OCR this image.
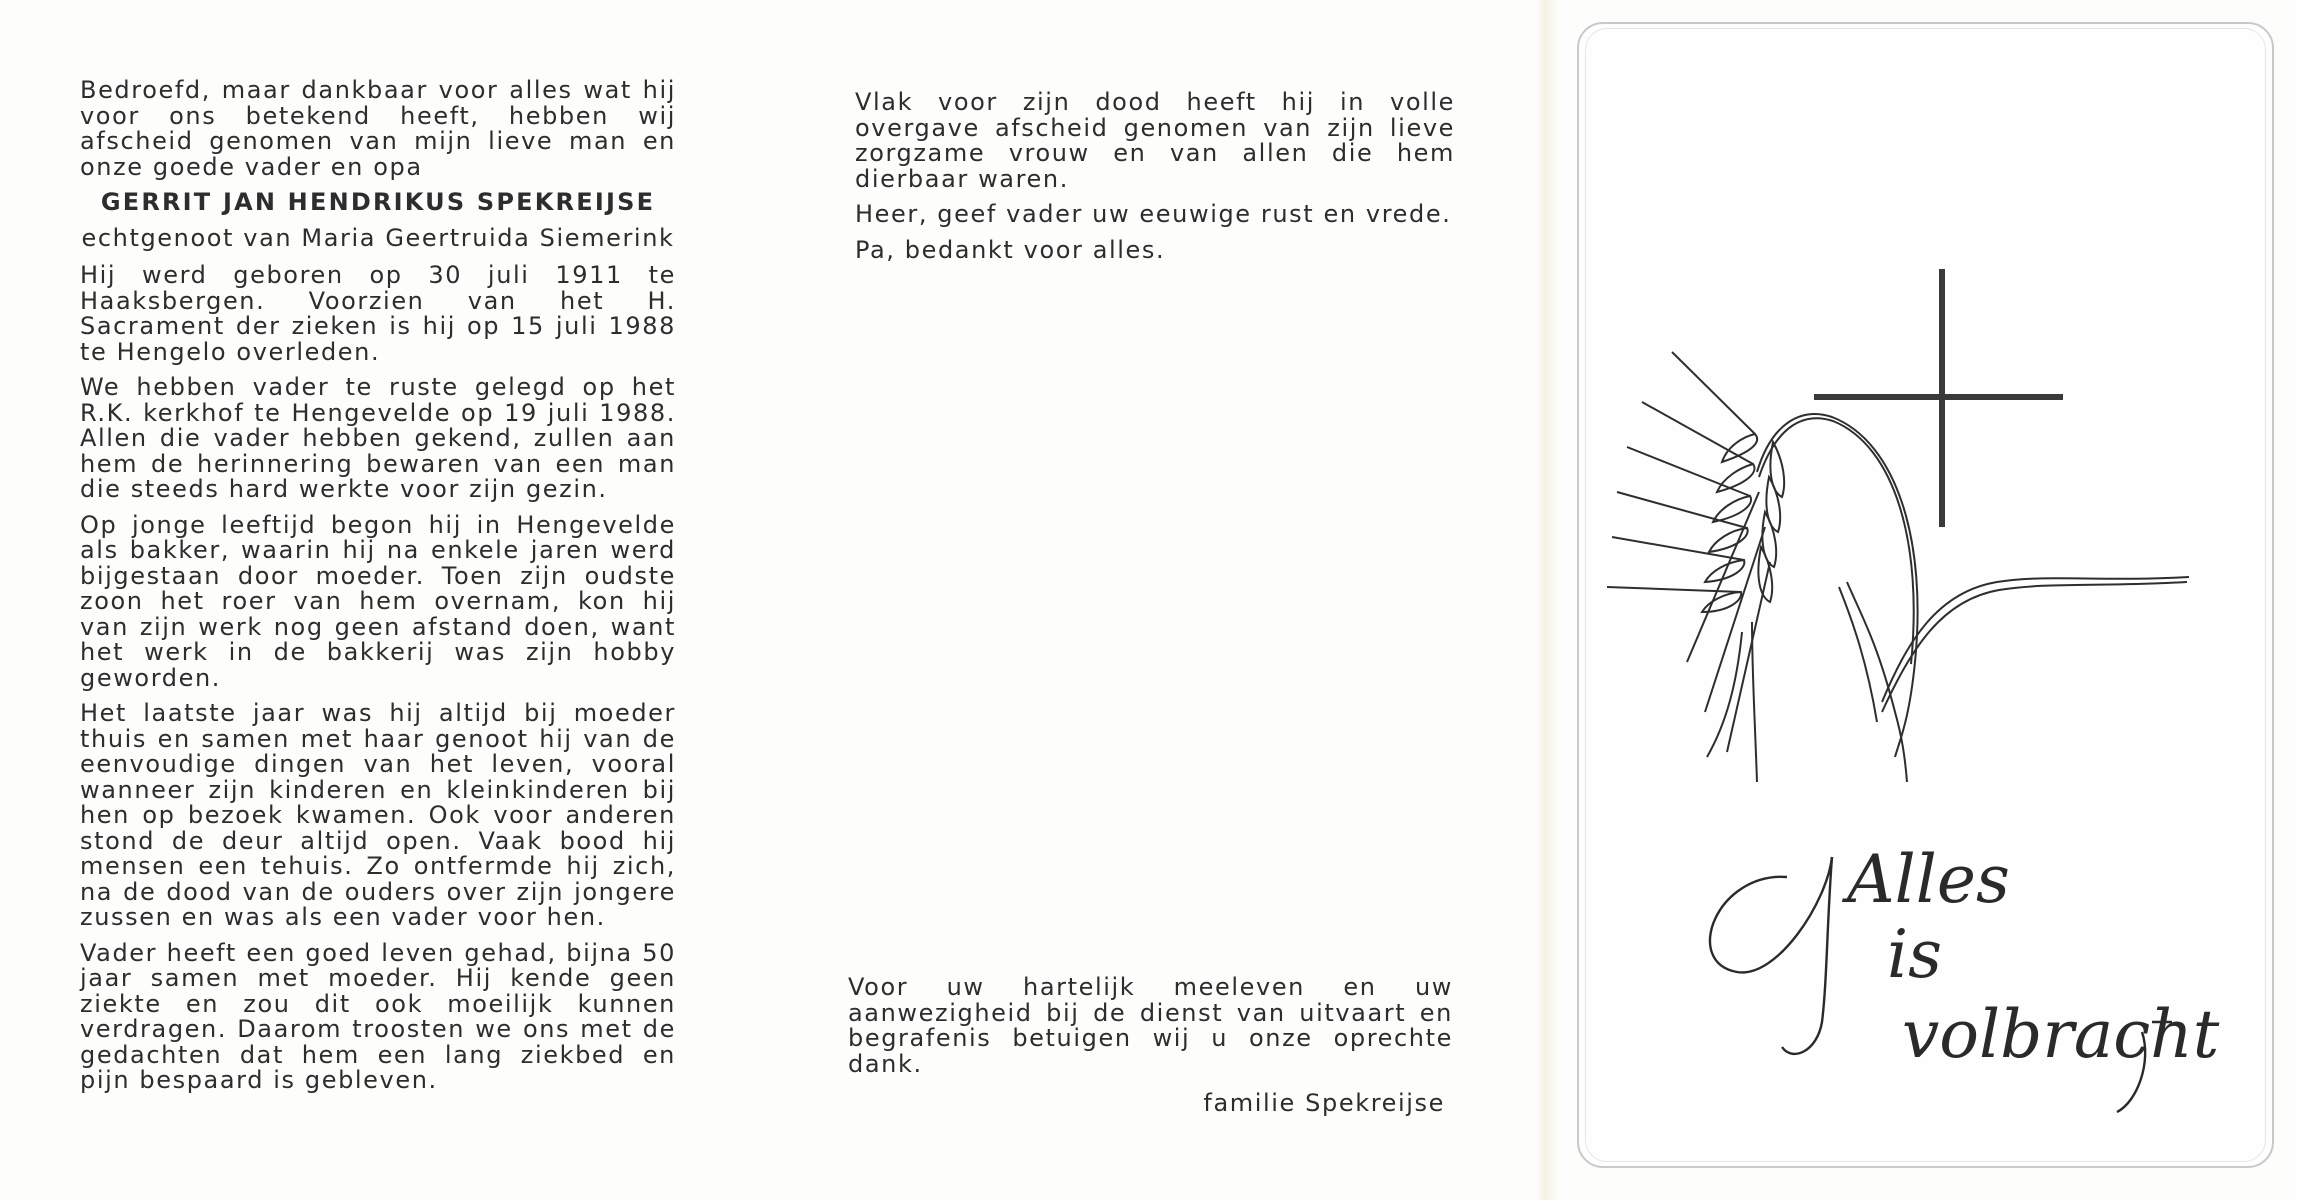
Bedroefd, maar dankbaar voor alles wat hij voor ons betekend heeft, hebben wij afscheid genomen van mijn lieve man en onze goede vader en opa

GERRIT JAN HENDRIKUS SPEKREIJSE

echtgenoot van Maria Geertruida Siemerink

Hij werd geboren op 30 juli 1911 te Haaksbergen. Voorzien van het H. Sacrament der zieken is hij op 15 juli 1988 te Hengelo overleden.

We hebben vader te ruste gelegd op het R.K. kerkhof te Hengevelde op 19 juli 1988. Allen die vader hebben gekend, zullen aan hem de herinnering bewaren van een man die steeds hard werkte voor zijn gezin.

Op jonge leeftijd begon hij in Hengevelde als bakker, waarin hij na enkele jaren werd bijgestaan door moeder. Toen zijn oudste zoon het roer van hem overnam, kon hij van zijn werk nog geen afstand doen, want het werk in de bakkerij was zijn hobby geworden.

Het laatste jaar was hij altijd bij moeder thuis en samen met haar genoot hij van de eenvoudige dingen van het leven, vooral wanneer zijn kinderen en kleinkinderen bij hen op bezoek kwamen. Ook voor anderen stond de deur altijd open. Vaak bood hij mensen een tehuis. Zo ontfermde hij zich, na de dood van de ouders over zijn jongere zussen en was als een vader voor hen.

Vader heeft een goed leven gehad, bijna 50 jaar samen met moeder. Hij kende geen ziekte en zou dit ook moeilijk kunnen verdragen. Daarom troosten we ons met de gedachten dat hem een lang ziekbed en pijn bespaard is gebleven.

Vlak voor zijn dood heeft hij in volle overgave afscheid genomen van zijn lieve zorgzame vrouw en van allen die hem dierbaar waren.

Heer, geef vader uw eeuwige rust en vrede.

Pa, bedankt voor alles.

Voor uw hartelijk meeleven en uw aanwezigheid bij de dienst van uitvaart en begrafenis betuigen wij u onze oprechte dank.

familie Spekreijse

Alles
is
volbracht
